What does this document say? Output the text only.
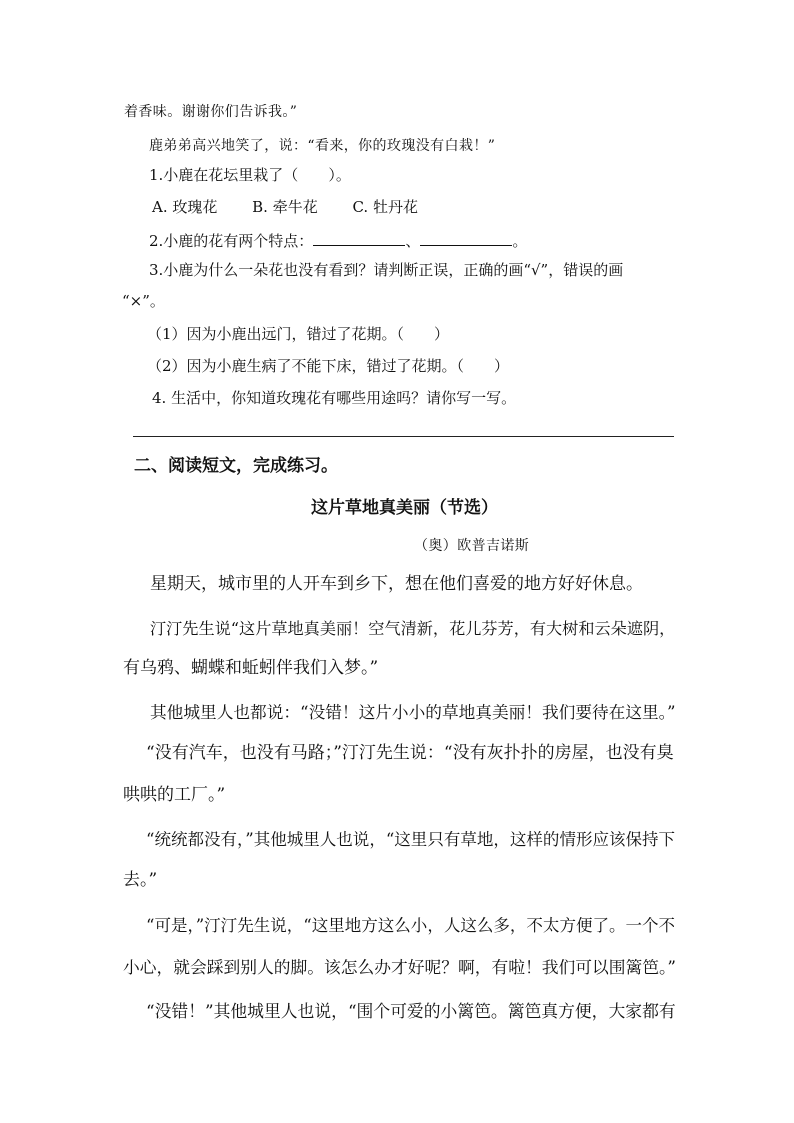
着香味。谢谢你们告诉我。”
鹿弟弟高兴地笑了，说：“看来，你的玫瑰没有白栽！”
1.小鹿在花坛里栽了（　　）。
A. 玫瑰花　　 B. 牵牛花　　 C. 牡丹花
2.小鹿的花有两个特点：	、	。
3.小鹿为什么一朵花也没有看到？请判断正误，正确的画“√”，错误的画
“×”。
（1）因为小鹿出远门，错过了花期。（　　）
（2）因为小鹿生病了不能下床，错过了花期。（　　）
4. 生活中，你知道玫瑰花有哪些用途吗？请你写一写。
二、阅读短文，完成练习。
这片草地真美丽（节选）
（奥）欧普吉诺斯
星期天，城市里的人开车到乡下，想在他们喜爱的地方好好休息。
汀汀先生说“这片草地真美丽！空气清新，花儿芬芳，有大树和云朵遮阴，
有乌鸦、蝴蝶和蚯蚓伴我们入梦。”
其他城里人也都说：“没错！这片小小的草地真美丽！我们要待在这里。”
“没有汽车，也没有马路；”汀汀先生说：“没有灰扑扑的房屋，也没有臭
哄哄的工厂。”
“统统都没有，”其他城里人也说，“这里只有草地，这样的情形应该保持下
去。”
“可是，”汀汀先生说，“这里地方这么小，人这么多，不太方便了。一个不
小心，就会踩到别人的脚。该怎么办才好呢？啊，有啦！我们可以围篱笆。”
“没错！”其他城里人也说，“围个可爱的小篱笆。篱笆真方便，大家都有
